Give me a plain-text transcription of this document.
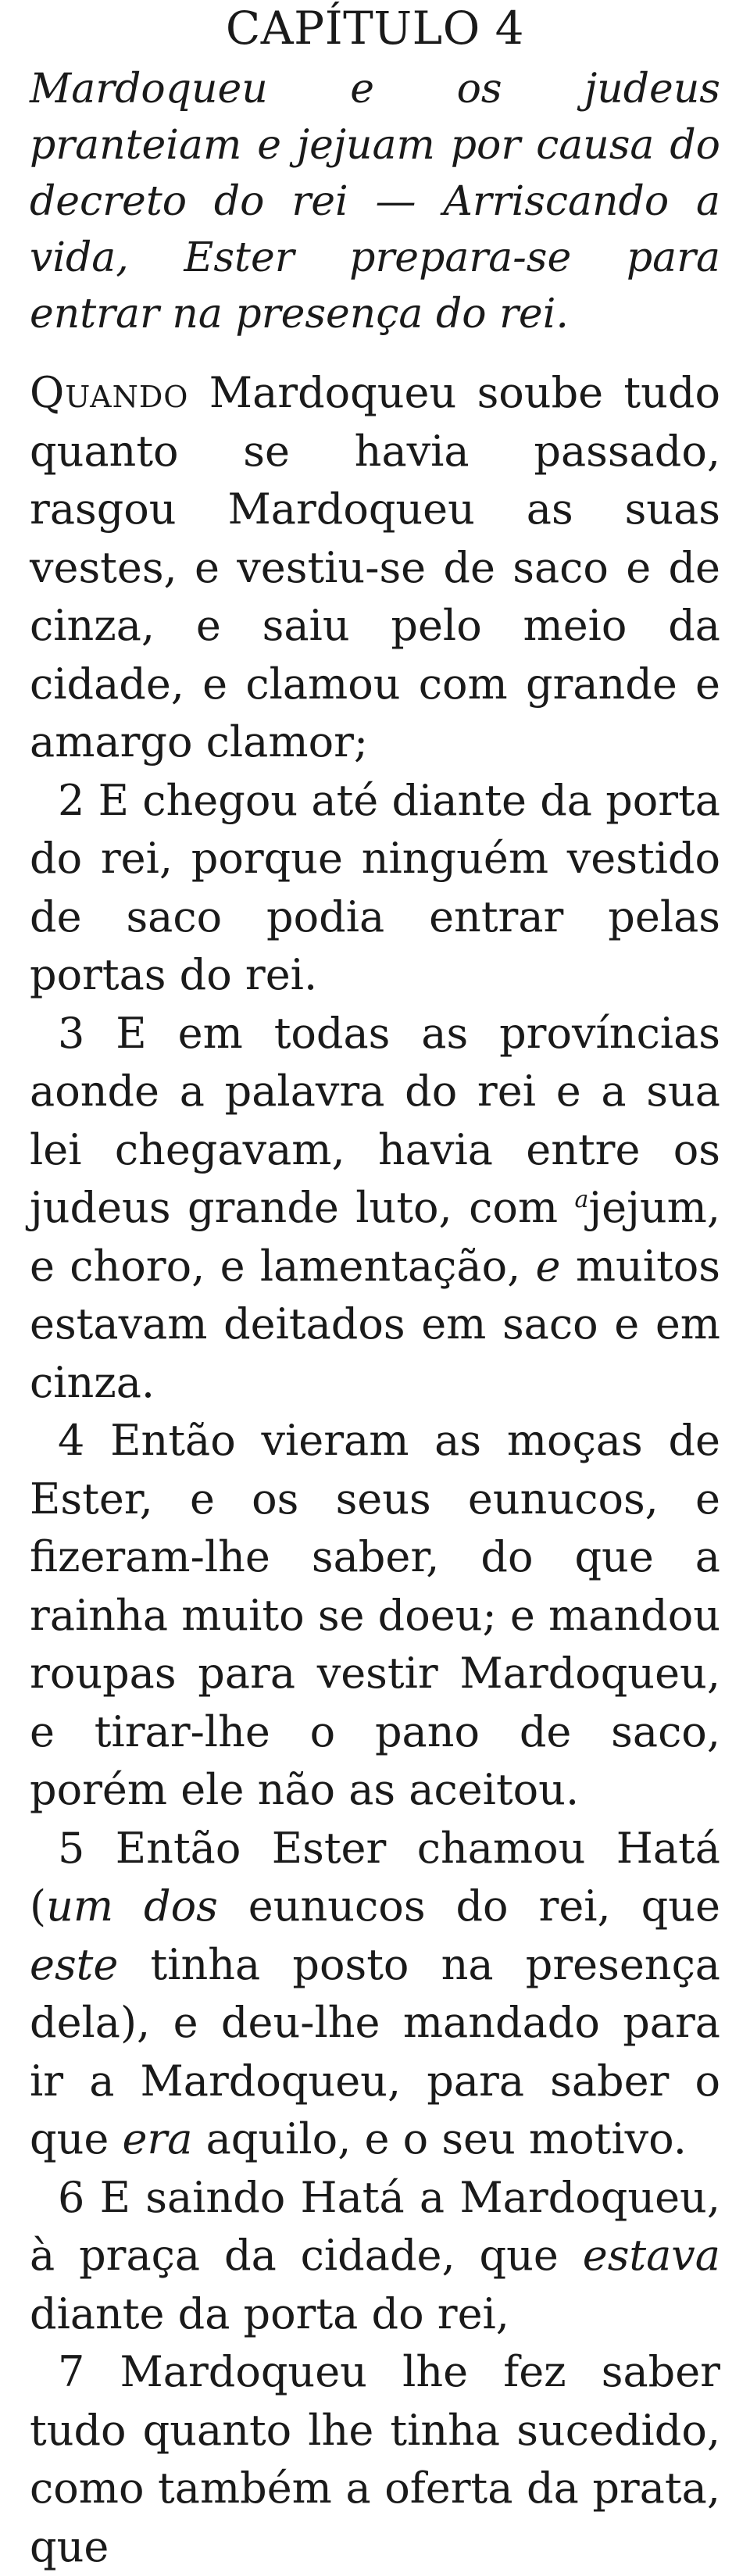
CAPÍTULO 4

Mardoqueu e os judeus pranteiam e jejuam por causa do decreto do rei — Arriscando a vida, Ester prepara-se para entrar na presença do rei.

Quando Mardoqueu soube tudo quanto se havia passado, rasgou Mardoqueu as suas vestes, e vestiu-se de saco e de cinza, e saiu pelo meio da cidade, e clamou com grande e amargo clamor;

2 E chegou até diante da porta do rei, porque ninguém vestido de saco podia entrar pelas portas do rei.

3 E em todas as províncias aonde a palavra do rei e a sua lei chegavam, havia entre os judeus grande luto, com $^a$jejum, e choro, e lamentação, e muitos estavam deitados em saco e em cinza.

4 Então vieram as moças de Ester, e os seus eunucos, e fizeram-lhe saber, do que a rainha muito se doeu; e mandou roupas para vestir Mardoqueu, e tirar-lhe o pano de saco, porém ele não as aceitou.

5 Então Ester chamou Hatá (um dos eunucos do rei, que este tinha posto na presença dela), e deu-lhe mandado para ir a Mardoqueu, para saber o que era aquilo, e o seu motivo.

6 E saindo Hatá a Mardoqueu, à praça da cidade, que estava diante da porta do rei,

7 Mardoqueu lhe fez saber tudo quanto lhe tinha sucedido, como também a oferta da prata, que
